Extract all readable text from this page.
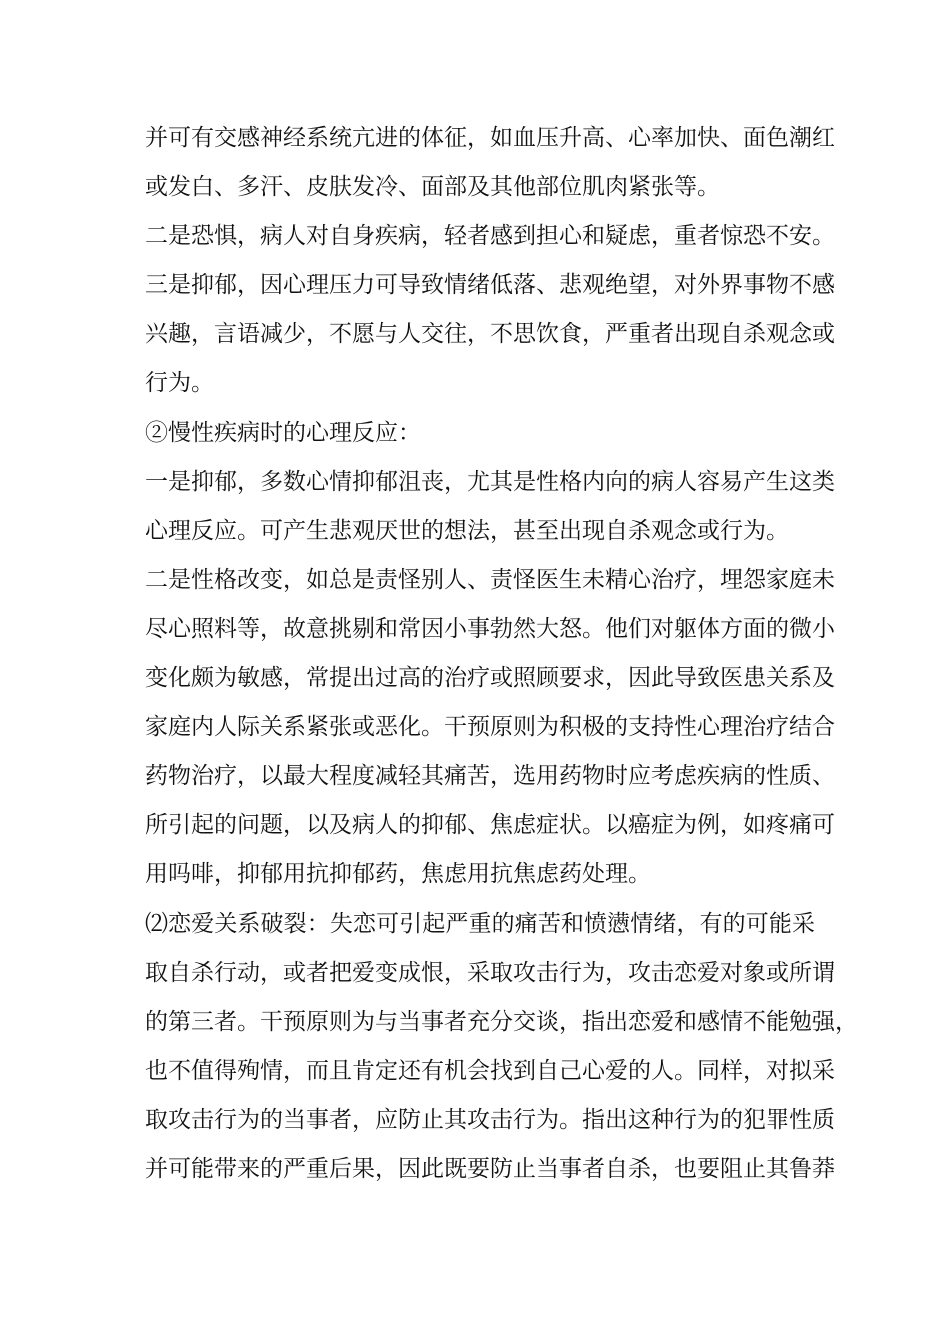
并可有交感神经系统亢进的体征，如血压升高、心率加快、面色潮红
或发白、多汗、皮肤发冷、面部及其他部位肌肉紧张等。
二是恐惧，病人对自身疾病，轻者感到担心和疑虑，重者惊恐不安。
三是抑郁，因心理压力可导致情绪低落、悲观绝望，对外界事物不感
兴趣，言语减少，不愿与人交往，不思饮食，严重者出现自杀观念或
行为。
②慢性疾病时的心理反应：
一是抑郁，多数心情抑郁沮丧，尤其是性格内向的病人容易产生这类
心理反应。可产生悲观厌世的想法，甚至出现自杀观念或行为。
二是性格改变，如总是责怪别人、责怪医生未精心治疗，埋怨家庭未
尽心照料等，故意挑剔和常因小事勃然大怒。他们对躯体方面的微小
变化颇为敏感，常提出过高的治疗或照顾要求，因此导致医患关系及
家庭内人际关系紧张或恶化。干预原则为积极的支持性心理治疗结合
药物治疗，以最大程度减轻其痛苦，选用药物时应考虑疾病的性质、
所引起的问题，以及病人的抑郁、焦虑症状。以癌症为例，如疼痛可
用吗啡，抑郁用抗抑郁药，焦虑用抗焦虑药处理。
⑵恋爱关系破裂：失恋可引起严重的痛苦和愤懑情绪，有的可能采
取自杀行动，或者把爱变成恨，采取攻击行为，攻击恋爱对象或所谓
的第三者。干预原则为与当事者充分交谈，指出恋爱和感情不能勉强，
也不值得殉情，而且肯定还有机会找到自己心爱的人。同样，对拟采
取攻击行为的当事者，应防止其攻击行为。指出这种行为的犯罪性质
并可能带来的严重后果，因此既要防止当事者自杀，也要阻止其鲁莽
